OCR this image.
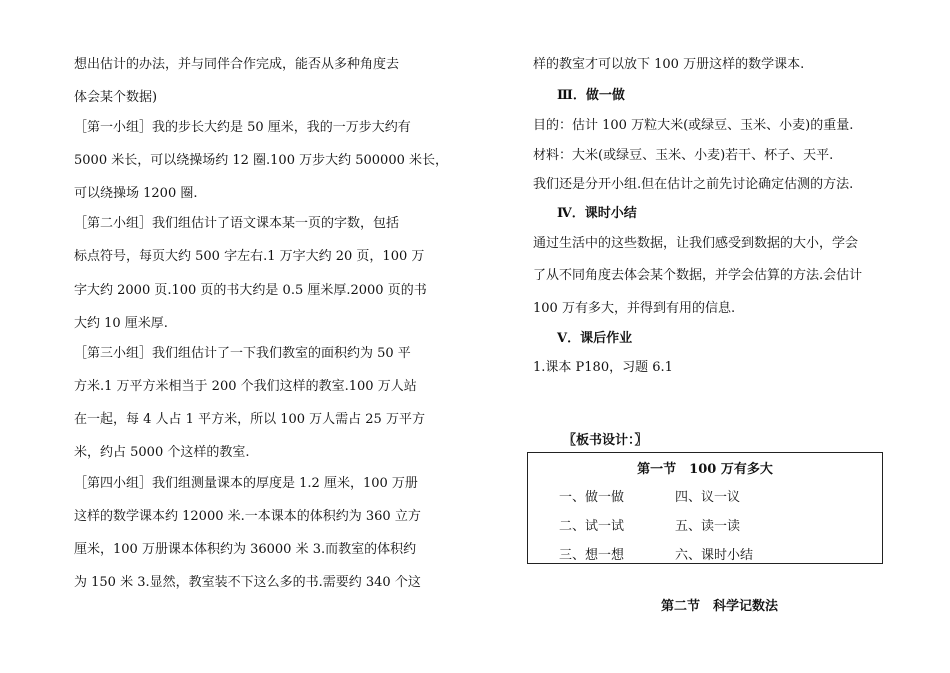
想出估计的办法，并与同伴合作完成，能否从多种角度去
体会某个数据)
［第一小组］我的步长大约是 50 厘米，我的一万步大约有
5000 米长，可以绕操场约 12 圈.100 万步大约 500000 米长，
可以绕操场 1200 圈.
［第二小组］我们组估计了语文课本某一页的字数，包括
标点符号，每页大约 500 字左右.1 万字大约 20 页，100 万
字大约 2000 页.100 页的书大约是 0.5 厘米厚.2000 页的书
大约 10 厘米厚.
［第三小组］我们组估计了一下我们教室的面积约为 50 平
方米.1 万平方米相当于 200 个我们这样的教室.100 万人站
在一起，每 4 人占 1 平方米，所以 100 万人需占 25 万平方
米，约占 5000 个这样的教室.
［第四小组］我们组测量课本的厚度是 1.2 厘米，100 万册
这样的数学课本约 12000 米.一本课本的体积约为 360 立方
厘米，100 万册课本体积约为 36000 米 3.而教室的体积约
为 150 米 3.显然，教室装不下这么多的书.需要约 340 个这
样的教室才可以放下 100 万册这样的数学课本.
Ⅲ．做一做
目的：估计 100 万粒大米(或绿豆、玉米、小麦)的重量.
材料：大米(或绿豆、玉米、小麦)若干、杯子、天平.
我们还是分开小组.但在估计之前先讨论确定估测的方法.
Ⅳ．课时小结
通过生活中的这些数据，让我们感受到数据的大小，学会
了从不同角度去体会某个数据，并学会估算的方法.会估计
100 万有多大，并得到有用的信息.
Ⅴ．课后作业
1.课本 P180，习题 6.1
〖板书设计：〗
第一节　100 万有多大
一、做一做	四、议一议
二、试一试	五、读一读
三、想一想	六、课时小结
第二节　科学记数法
